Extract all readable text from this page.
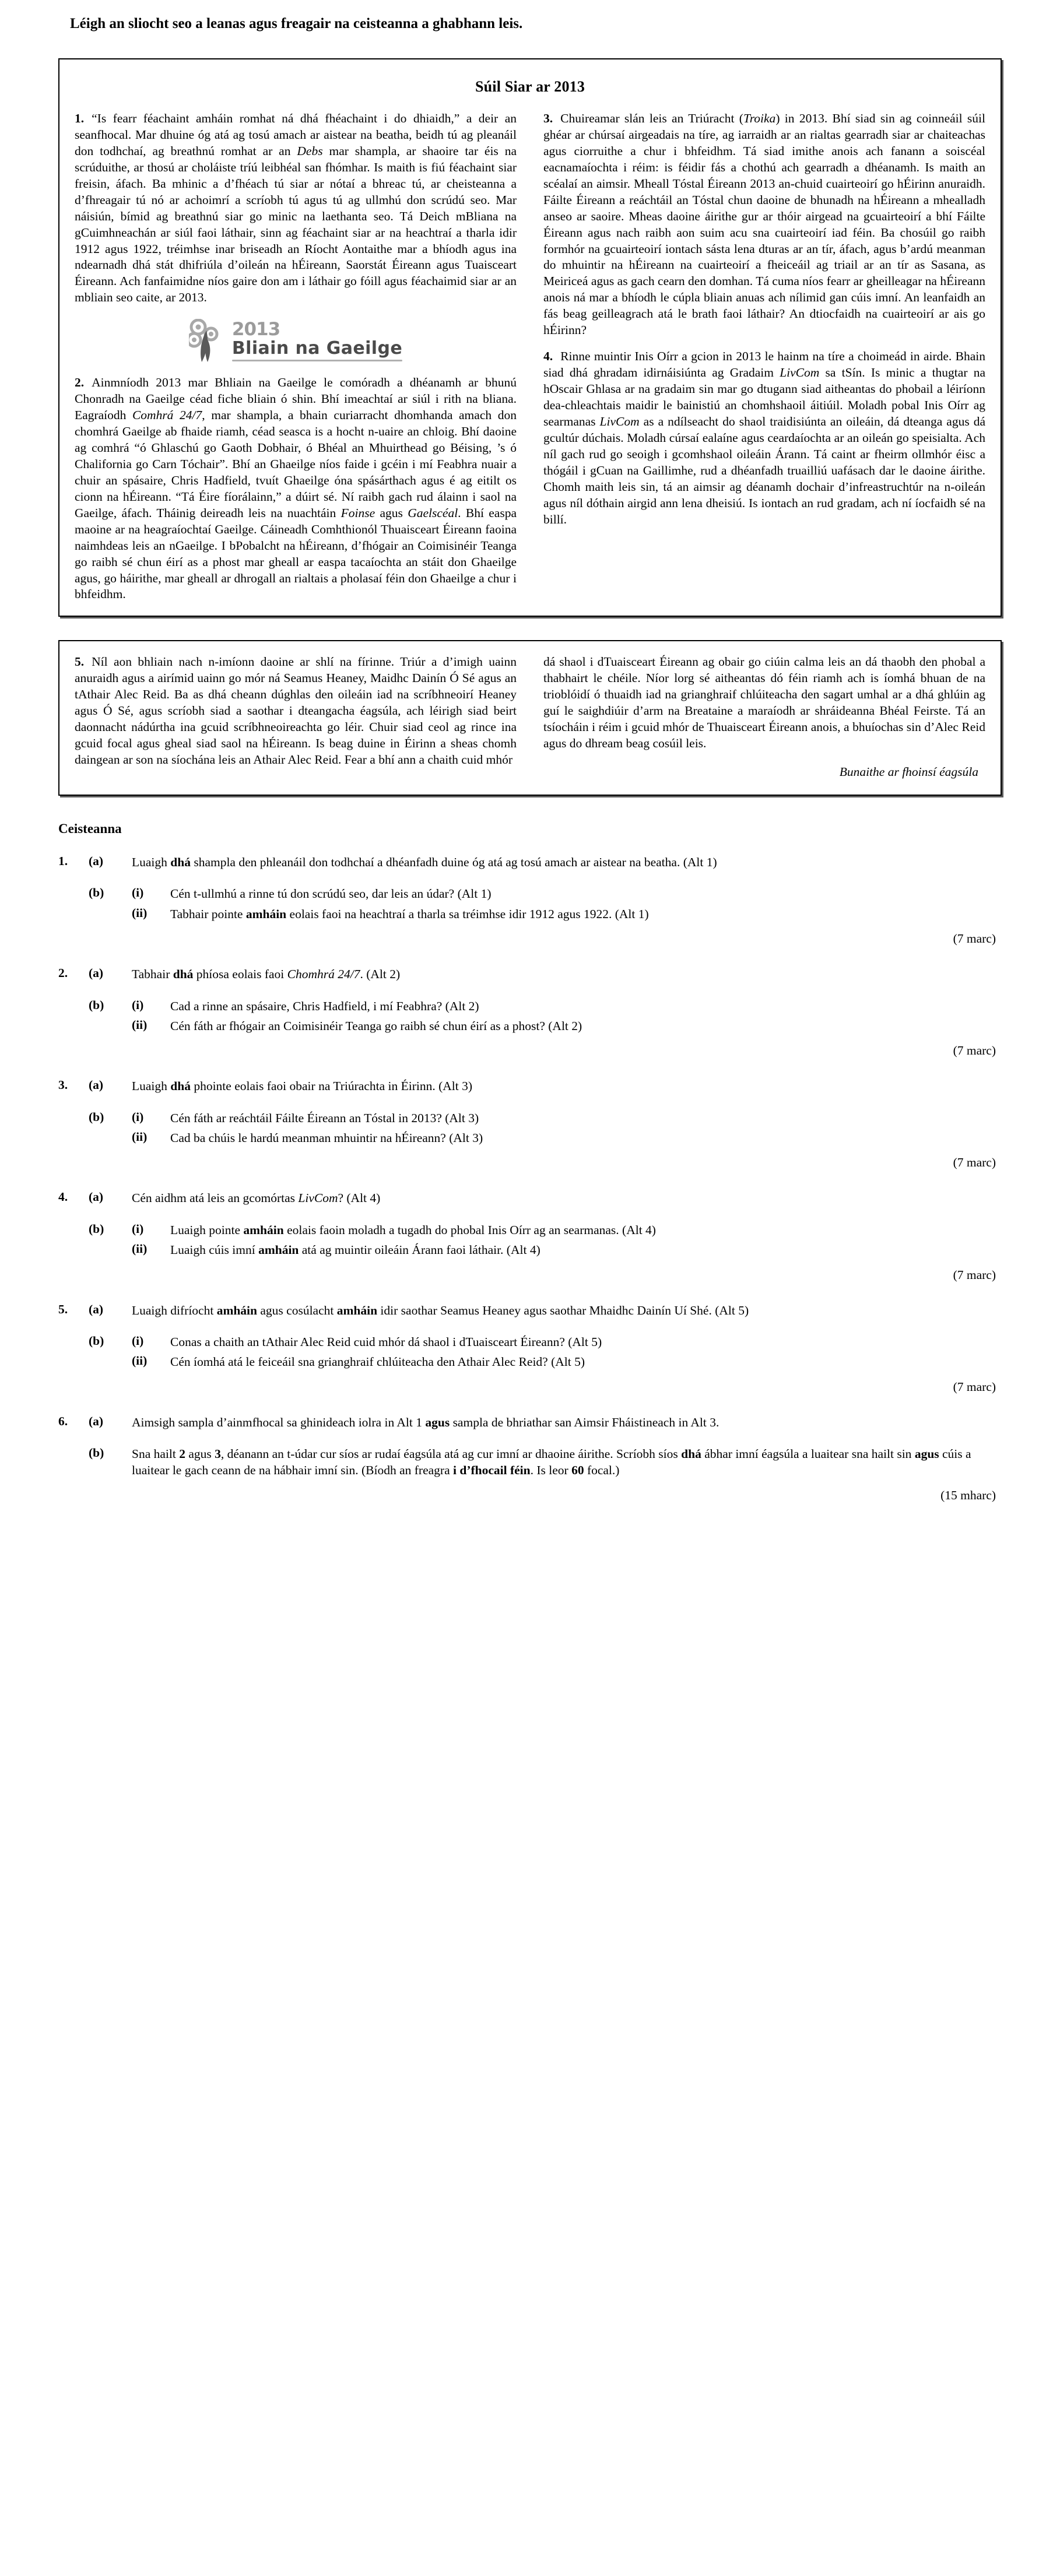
Léigh an sliocht seo a leanas agus freagair na ceisteanna a ghabhann leis.
Súil Siar ar 2013

1. “Is fearr féachaint amháin romhat ná dhá fhéachaint i do dhiaidh,” a deir an seanfhocal. Mar dhuine óg atá ag tosú amach ar aistear na beatha, beidh tú ag pleanáil don todhchaí, ag breathnú romhat ar an Debs mar shampla, ar shaoire tar éis na scrúduithe, ar thosú ar choláiste tríú leibhéal san fhómhar. Is maith is fiú féachaint siar freisin, áfach. Ba mhinic a d’fhéach tú siar ar nótaí a bhreac tú, ar cheisteanna a d’fhreagair tú nó ar achoimrí a scríobh tú agus tú ag ullmhú don scrúdú seo. Mar náisiún, bímid ag breathnú siar go minic na laethanta seo. Tá Deich mBliana na gCuimhneachán ar siúl faoi láthair, sinn ag féachaint siar ar na heachtraí a tharla idir 1912 agus 1922, tréimhse inar briseadh an Ríocht Aontaithe mar a bhíodh agus ina ndearnadh dhá stát dhifriúla d’oileán na hÉireann, Saorstát Éireann agus Tuaisceart Éireann. Ach fanfaimidne níos gaire don am i láthair go fóill agus féachaimid siar ar an mbliain seo caite, ar 2013.

2013
Bliain na Gaeilge

2. Ainmníodh 2013 mar Bhliain na Gaeilge le comóradh a dhéanamh ar bhunú Chonradh na Gaeilge céad fiche bliain ó shin. Bhí imeachtaí ar siúl i rith na bliana. Eagraíodh Comhrá 24/7, mar shampla, a bhain curiarracht dhomhanda amach don chomhrá Gaeilge ab fhaide riamh, céad seasca is a hocht n-uaire an chloig. Bhí daoine ag comhrá “ó Ghlaschú go Gaoth Dobhair, ó Bhéal an Mhuirthead go Béising, ’s ó Chalifornia go Carn Tóchair”. Bhí an Ghaeilge níos faide i gcéin i mí Feabhra nuair a chuir an spásaire, Chris Hadfield, tvuít Ghaeilge óna spásárthach agus é ag eitilt os cionn na hÉireann. “Tá Éire fíorálainn,” a dúirt sé. Ní raibh gach rud álainn i saol na Gaeilge, áfach. Tháinig deireadh leis na nuachtáin Foinse agus Gaelscéal. Bhí easpa maoine ar na heagraíochtaí Gaeilge. Cáineadh Comhthionól Thuaisceart Éireann faoina naimhdeas leis an nGaeilge. I bPobalcht na hÉireann, d’fhógair an Coimisinéir Teanga go raibh sé chun éirí as a phost mar gheall ar easpa tacaíochta an stáit don Ghaeilge agus, go háirithe, mar gheall ar dhrogall an rialtais a pholasaí féin don Ghaeilge a chur i bhfeidhm.

3. Chuireamar slán leis an Triúracht (Troika) in 2013. Bhí siad sin ag coinneáil súil ghéar ar chúrsaí airgeadais na tíre, ag iarraidh ar an rialtas gearradh siar ar chaiteachas agus ciorruithe a chur i bhfeidhm. Tá siad imithe anois ach fanann a soiscéal eacnamaíochta i réim: is féidir fás a chothú ach gearradh a dhéanamh. Is maith an scéalaí an aimsir. Mheall Tóstal Éireann 2013 an-chuid cuairteoirí go hÉirinn anuraidh. Fáilte Éireann a reáchtáil an Tóstal chun daoine de bhunadh na hÉireann a mhealladh anseo ar saoire. Mheas daoine áirithe gur ar thóir airgead na gcuairteoirí a bhí Fáilte Éireann agus nach raibh aon suim acu sna cuairteoirí iad féin. Ba chosúil go raibh formhór na gcuairteoirí iontach sásta lena dturas ar an tír, áfach, agus b’ardú meanman do mhuintir na hÉireann na cuairteoirí a fheiceáil ag triail ar an tír as Sasana, as Meiriceá agus as gach cearn den domhan. Tá cuma níos fearr ar gheilleagar na hÉireann anois ná mar a bhíodh le cúpla bliain anuas ach nílimid gan cúis imní. An leanfaidh an fás beag geilleagrach atá le brath faoi láthair? An dtiocfaidh na cuairteoirí ar ais go hÉirinn?

4. Rinne muintir Inis Oírr a gcion in 2013 le hainm na tíre a choimeád in airde. Bhain siad dhá ghradam idirnáisiúnta ag Gradaim LivCom sa tSín. Is minic a thugtar na hOscair Ghlasa ar na gradaim sin mar go dtugann siad aitheantas do phobail a léiríonn dea-chleachtais maidir le bainistiú an chomhshaoil áitiúil. Moladh pobal Inis Oírr ag searmanas LivCom as a ndílseacht do shaol traidisiúnta an oileáin, dá dteanga agus dá gcultúr dúchais. Moladh cúrsaí ealaíne agus ceardaíochta ar an oileán go speisialta. Ach níl gach rud go seoigh i gcomhshaol oileáin Árann. Tá caint ar fheirm ollmhór éisc a thógáil i gCuan na Gaillimhe, rud a dhéanfadh truailliú uafásach dar le daoine áirithe. Chomh maith leis sin, tá an aimsir ag déanamh dochair d’infreastruchtúr na n-oileán agus níl dóthain airgid ann lena dheisiú. Is iontach an rud gradam, ach ní íocfaidh sé na billí.

5. Níl aon bhliain nach n-imíonn daoine ar shlí na fírinne. Triúr a d’imigh uainn anuraidh agus a airímid uainn go mór ná Seamus Heaney, Maidhc Dainín Ó Sé agus an tAthair Alec Reid. Ba as dhá cheann dúghlas den oileáin iad na scríbhneoirí Heaney agus Ó Sé, agus scríobh siad a saothar i dteangacha éagsúla, ach léirigh siad beirt daonnacht nádúrtha ina gcuid scríbhneoireachta go léir. Chuir siad ceol ag rince ina gcuid focal agus gheal siad saol na hÉireann. Is beag duine in Éirinn a sheas chomh daingean ar son na síochána leis an Athair Alec Reid. Fear a bhí ann a chaith cuid mhór

dá shaol i dTuaisceart Éireann ag obair go ciúin calma leis an dá thaobh den phobal a thabhairt le chéile. Níor lorg sé aitheantas dó féin riamh ach is íomhá bhuan de na trioblóidí ó thuaidh iad na grianghraif chlúiteacha den sagart umhal ar a dhá ghlúin ag guí le saighdiúir d’arm na Breataine a maraíodh ar shráideanna Bhéal Feirste. Tá an tsíocháin i réim i gcuid mhór de Thuaisceart Éireann anois, a bhuíochas sin d’Alec Reid agus do dhream beag cosúil leis.

Bunaithe ar fhoinsí éagsúla
Ceisteanna
1.	(a)	Luaigh dhá shampla den phleanáil don todhchaí a dhéanfadh duine óg atá ag tosú amach ar aistear na beatha. (Alt 1)
(b)	(i)	Cén t-ullmhú a rinne tú don scrúdú seo, dar leis an údar? (Alt 1)
(ii)	Tabhair pointe amháin eolais faoi na heachtraí a tharla sa tréimhse idir 1912 agus 1922. (Alt 1)
(7 marc)
2.	(a)	Tabhair dhá phíosa eolais faoi Chomhrá 24/7. (Alt 2)
(b)	(i)	Cad a rinne an spásaire, Chris Hadfield, i mí Feabhra? (Alt 2)
(ii)	Cén fáth ar fhógair an Coimisinéir Teanga go raibh sé chun éirí as a phost? (Alt 2)
(7 marc)
3.	(a)	Luaigh dhá phointe eolais faoi obair na Triúrachta in Éirinn. (Alt 3)
(b)	(i)	Cén fáth ar reáchtáil Fáilte Éireann an Tóstal in 2013? (Alt 3)
(ii)	Cad ba chúis le hardú meanman mhuintir na hÉireann? (Alt 3)
(7 marc)
4.	(a)	Cén aidhm atá leis an gcomórtas LivCom? (Alt 4)
(b)	(i)	Luaigh pointe amháin eolais faoin moladh a tugadh do phobal Inis Oírr ag an searmanas. (Alt 4)
(ii)	Luaigh cúis imní amháin atá ag muintir oileáin Árann faoi láthair. (Alt 4)
(7 marc)
5.	(a)	Luaigh difríocht amháin agus cosúlacht amháin idir saothar Seamus Heaney agus saothar Mhaidhc Dainín Uí Shé. (Alt 5)
(b)	(i)	Conas a chaith an tAthair Alec Reid cuid mhór dá shaol i dTuaisceart Éireann? (Alt 5)
(ii)	Cén íomhá atá le feiceáil sna grianghraif chlúiteacha den Athair Alec Reid? (Alt 5)
(7 marc)
6.	(a)	Aimsigh sampla d’ainmfhocal sa ghinideach iolra in Alt 1 agus sampla de bhriathar san Aimsir Fháistineach in Alt 3.
(b)	Sna hailt 2 agus 3, déanann an t-údar cur síos ar rudaí éagsúla atá ag cur imní ar dhaoine áirithe. Scríobh síos dhá ábhar imní éagsúla a luaitear sna hailt sin agus cúis a luaitear le gach ceann de na hábhair imní sin. (Bíodh an freagra i d’fhocail féin. Is leor 60 focal.)
(15 mharc)
